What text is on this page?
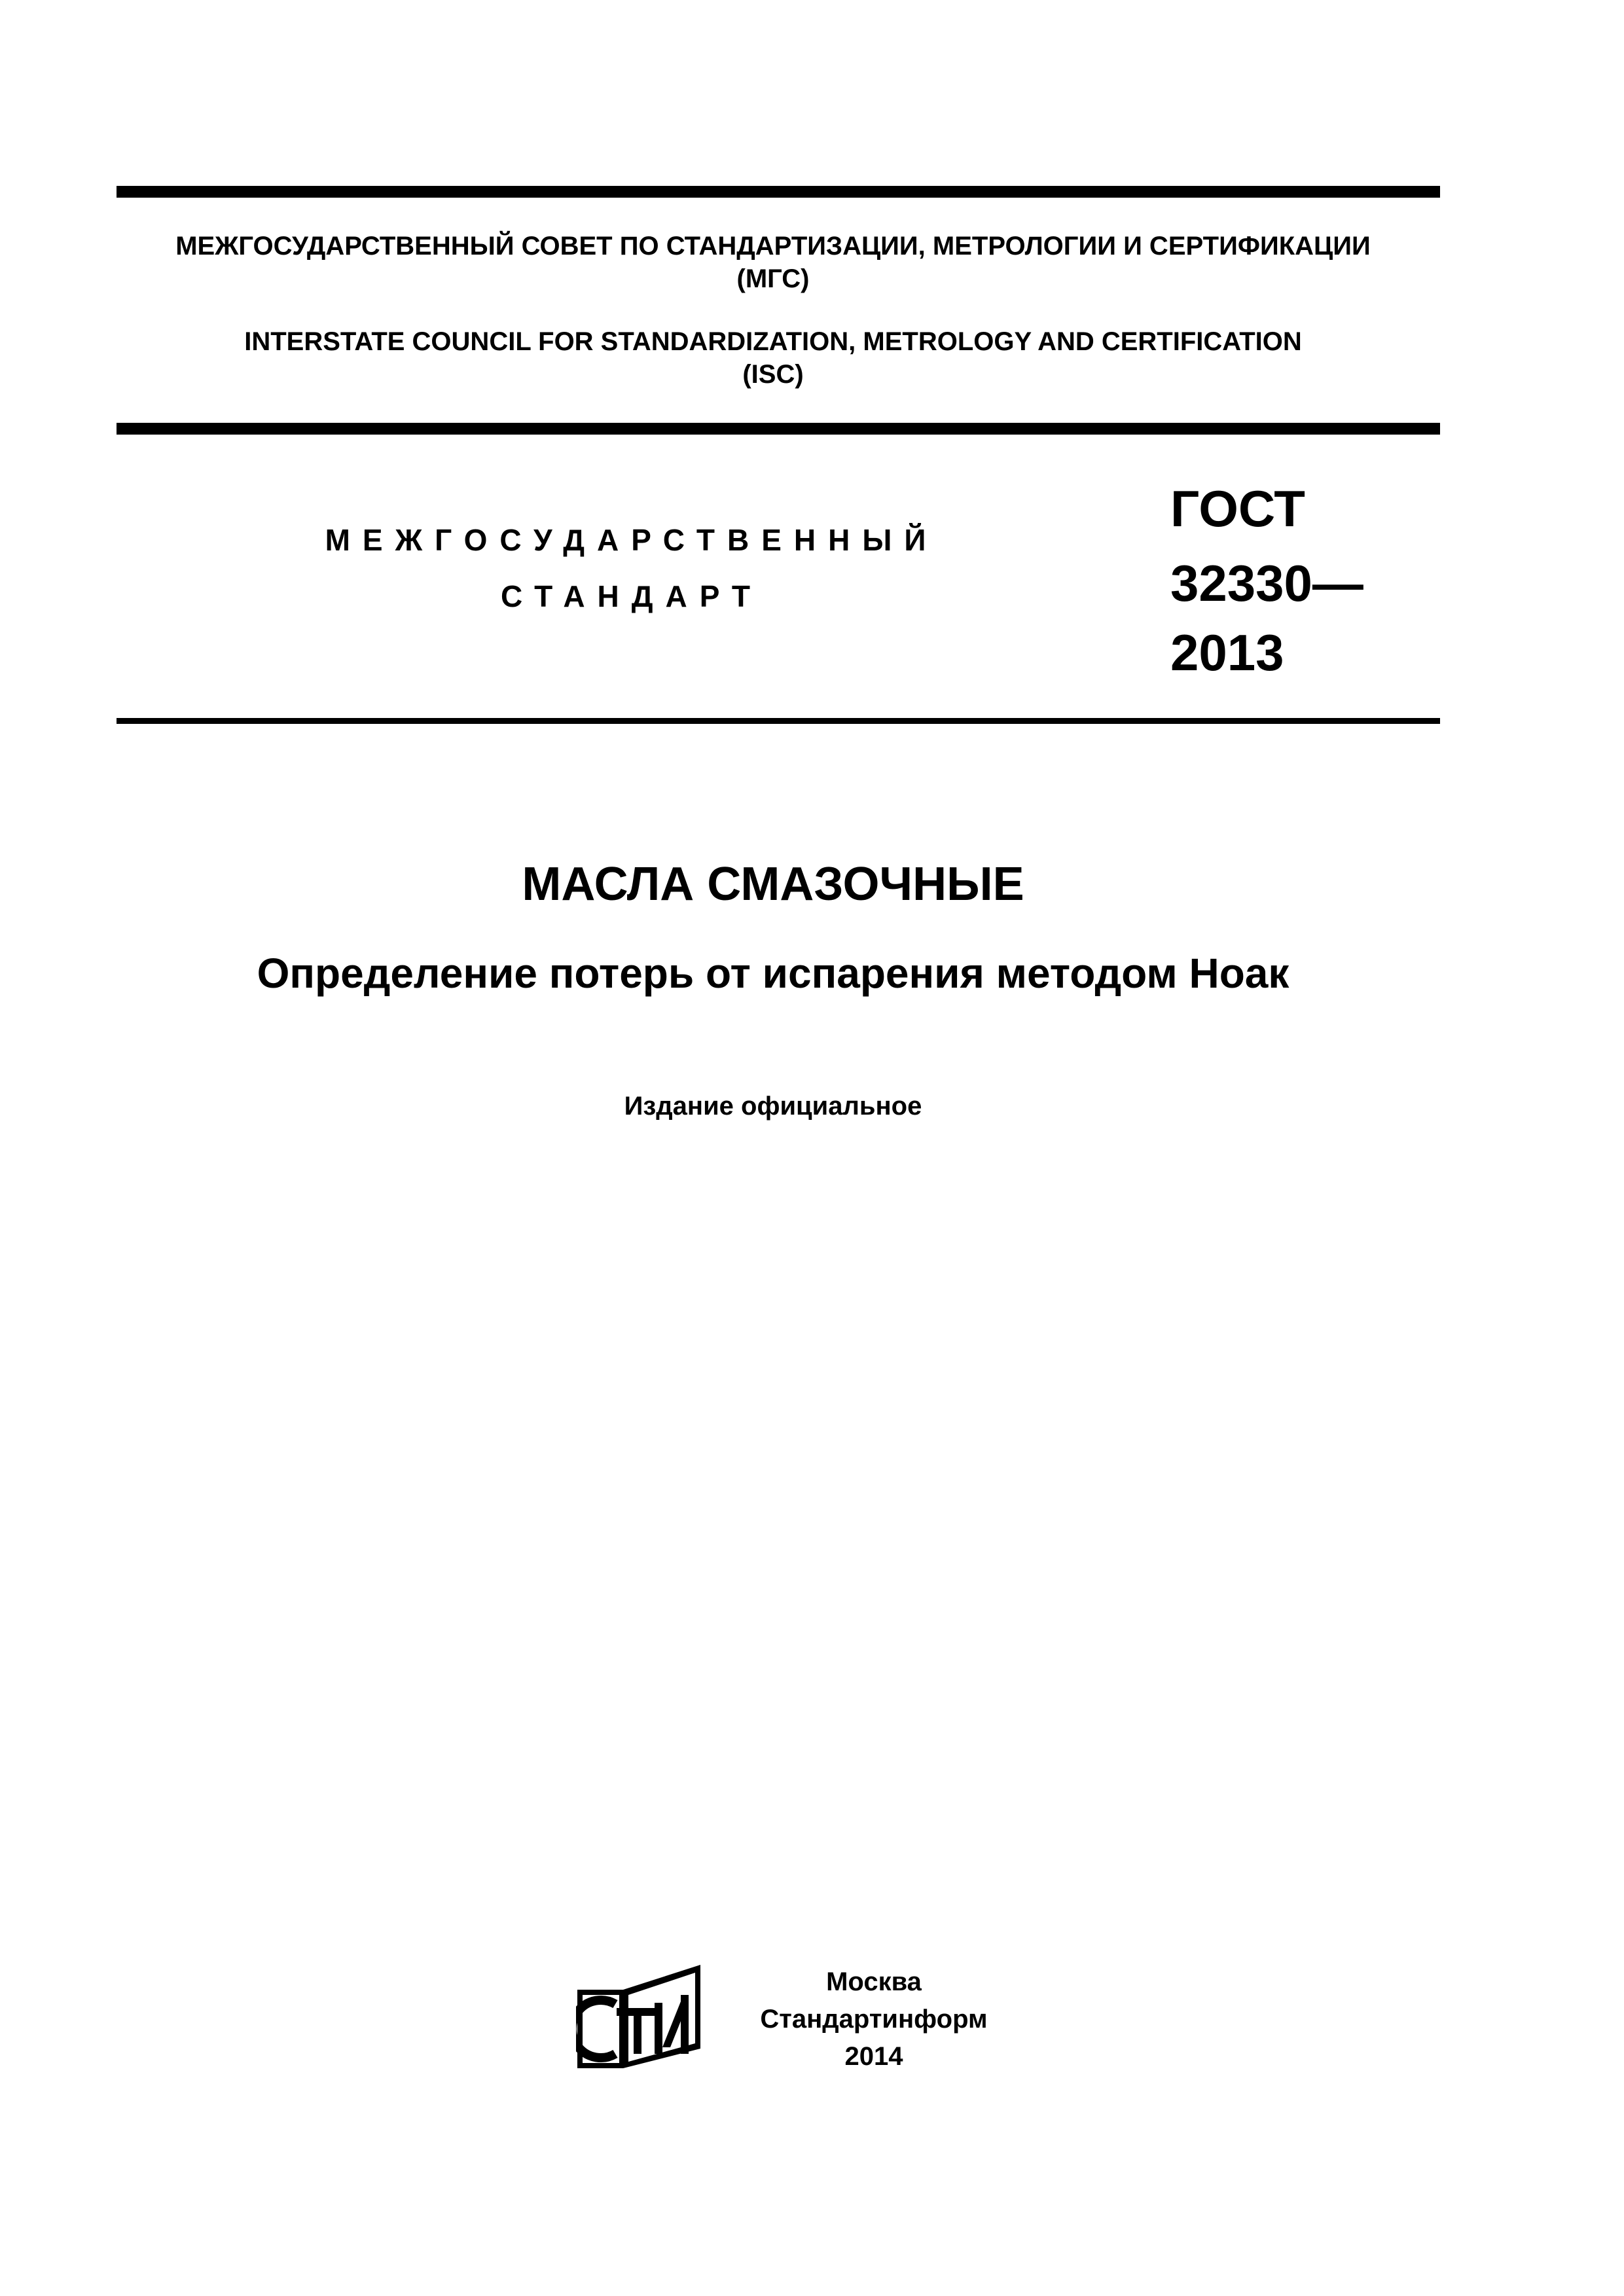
МЕЖГОСУДАРСТВЕННЫЙ СОВЕТ ПО СТАНДАРТИЗАЦИИ, МЕТРОЛОГИИ И СЕРТИФИКАЦИИ
(МГС)
INTERSTATE COUNCIL FOR STANDARDIZATION, METROLOGY AND CERTIFICATION
(ISC)
МЕЖГОСУДАРСТВЕННЫЙ
СТАНДАРТ
ГОСТ
32330—
2013
МАСЛА СМАЗОЧНЫЕ
Определение потерь от испарения методом Ноак
Издание официальное
Москва
Стандартинформ
2014
